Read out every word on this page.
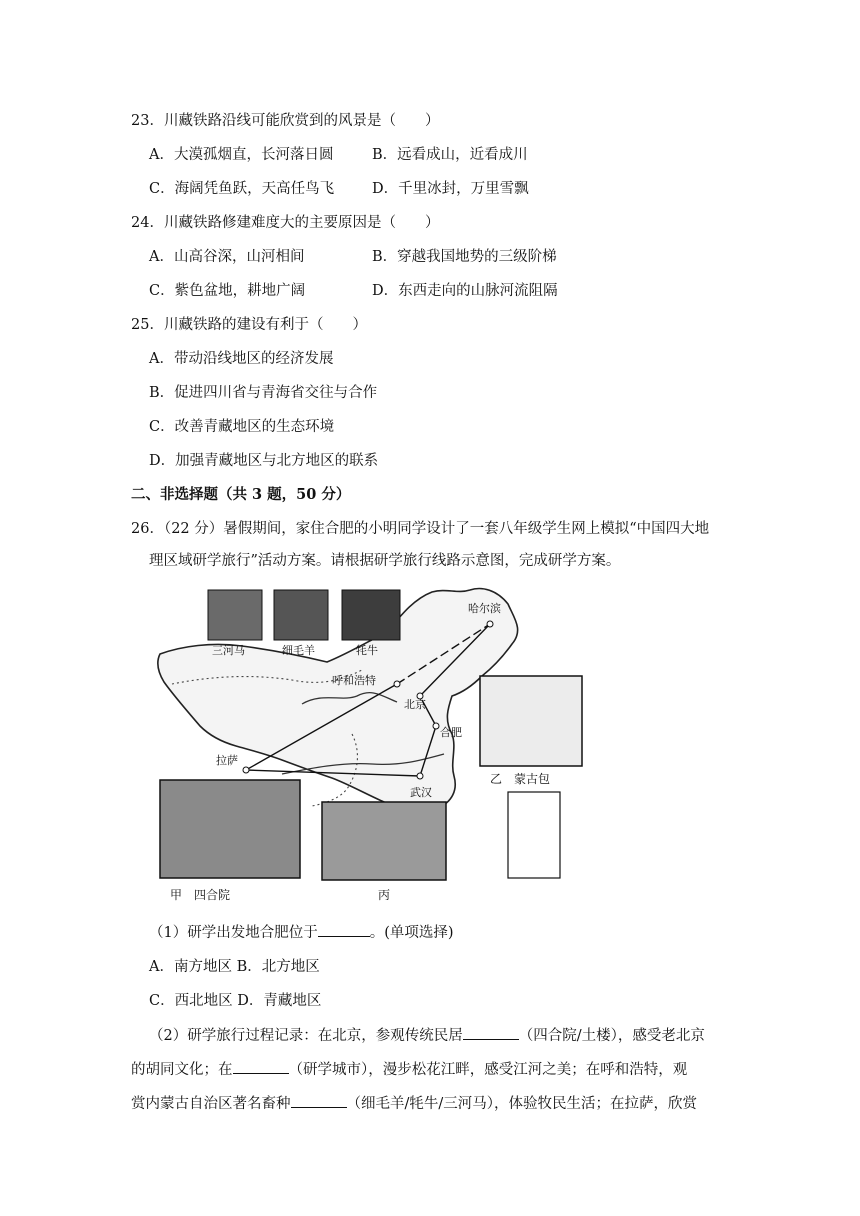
23．川藏铁路沿线可能欣赏到的风景是（　　）
A．大漠孤烟直，长河落日圆	B．远看成山，近看成川
C．海阔凭鱼跃，天高任鸟飞	D．千里冰封，万里雪飘
24．川藏铁路修建难度大的主要原因是（　　）
A．山高谷深，山河相间	B．穿越我国地势的三级阶梯
C．紫色盆地，耕地广阔	D．东西走向的山脉河流阻隔
25．川藏铁路的建设有利于（　　）
A．带动沿线地区的经济发展
B．促进四川省与青海省交往与合作
C．改善青藏地区的生态环境
D．加强青藏地区与北方地区的联系
二、非选择题（共 3 题，50 分）
26．（22 分）暑假期间，家住合肥的小明同学设计了一套八年级学生网上模拟“中国四大地
理区域研学旅行”活动方案。请根据研学旅行线路示意图，完成研学方案。
哈尔滨
呼和浩特
北京
合肥
拉萨
武汉
三河马	细毛羊	牦牛
甲　四合院
乙　蒙古包
丙
（1）研学出发地合肥位于	。(单项选择)
A．南方地区 B．北方地区
C．西北地区 D．青藏地区
（2）研学旅行过程记录：在北京，参观传统民居	（四合院/土楼），感受老北京
的胡同文化；在	（研学城市），漫步松花江畔，感受江河之美；在呼和浩特，观
赏内蒙古自治区著名畜种	（细毛羊/牦牛/三河马），体验牧民生活；在拉萨，欣赏
